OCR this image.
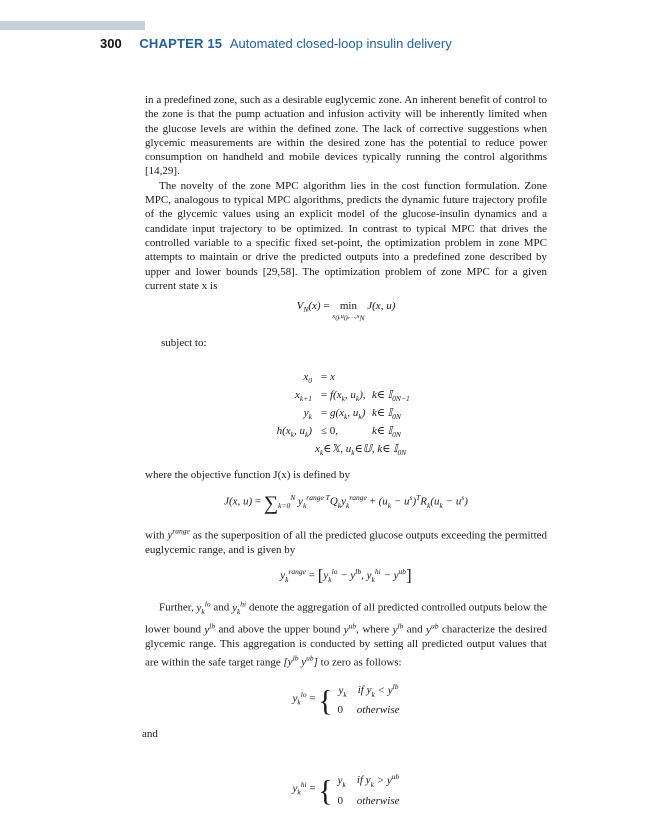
300 CHAPTER 15 Automated closed-loop insulin delivery

in a predefined zone, such as a desirable euglycemic zone. An inherent benefit of control to the zone is that the pump actuation and infusion activity will be inherently limited when the glucose levels are within the defined zone. The lack of corrective suggestions when glycemic measurements are within the desired zone has the potential to reduce power consumption on handheld and mobile devices typically running the control algorithms [14,29].

The novelty of the zone MPC algorithm lies in the cost function formulation. Zone MPC, analogous to typical MPC algorithms, predicts the dynamic future trajectory profile of the glycemic values using an explicit model of the glucose-insulin dynamics and a candidate input trajectory to be optimized. In contrast to typical MPC that drives the controlled variable to a specific fixed set-point, the optimization problem in zone MPC attempts to maintain or drive the predicted outputs into a predefined zone described by upper and lower bounds [29,58]. The optimization problem of zone MPC for a given current state x is

$V_N(x) = \min$
$x_0,u_0,\dots,x_N$
J(x, u)

subject to:

$x_0 = x$
$x_{k+1} = f(x_k$, $u_k$), k∈ 𝕀$_{0N-1}$
$y_k = g(x_k$, $u_k$) k∈ 𝕀$_{0N}$
$h(x_k$, $u_k) \le 0$,	k∈ 𝕀$_{0N}$
$x_k\in 𝕏$, $u_k\in 𝕌$, k∈ 𝕀$_{0N}$

where the objective function J(x) is defined by

J(x, $u) = \sum_{k=0}^N$ $y_k^{range T}Q_ky_k^{range} + (u_k - u^s)^TR_k(u_k - u^s)$

with $y^{range}$ as the superposition of all the predicted glucose outputs exceeding the permitted euglycemic range, and is given by

$y_k^{range} = [y_k^{lo} - y^{lb}$, $y_k^{hi} - y^{ub}$]

Further, $y_k^{lo}$ and $y_k^{hi}$ denote the aggregation of all predicted controlled outputs below the lower bound $y^{lb}$ and above the upper bound $y^{ub}$, where $y^{lb}$ and $y^{ub}$ characterize the desired glycemic range. This aggregation is conducted by setting all predicted output values that are within the safe target range [$y^{lb}$ $y^{ub}$] to zero as follows:

$y_k^{lo}$ = { $y_k$ if $y_k < y^{lb}$
0 otherwise

and

$y_k^{hi}$ = { $y_k$ if $y_k > y^{ub}$
0 otherwise
